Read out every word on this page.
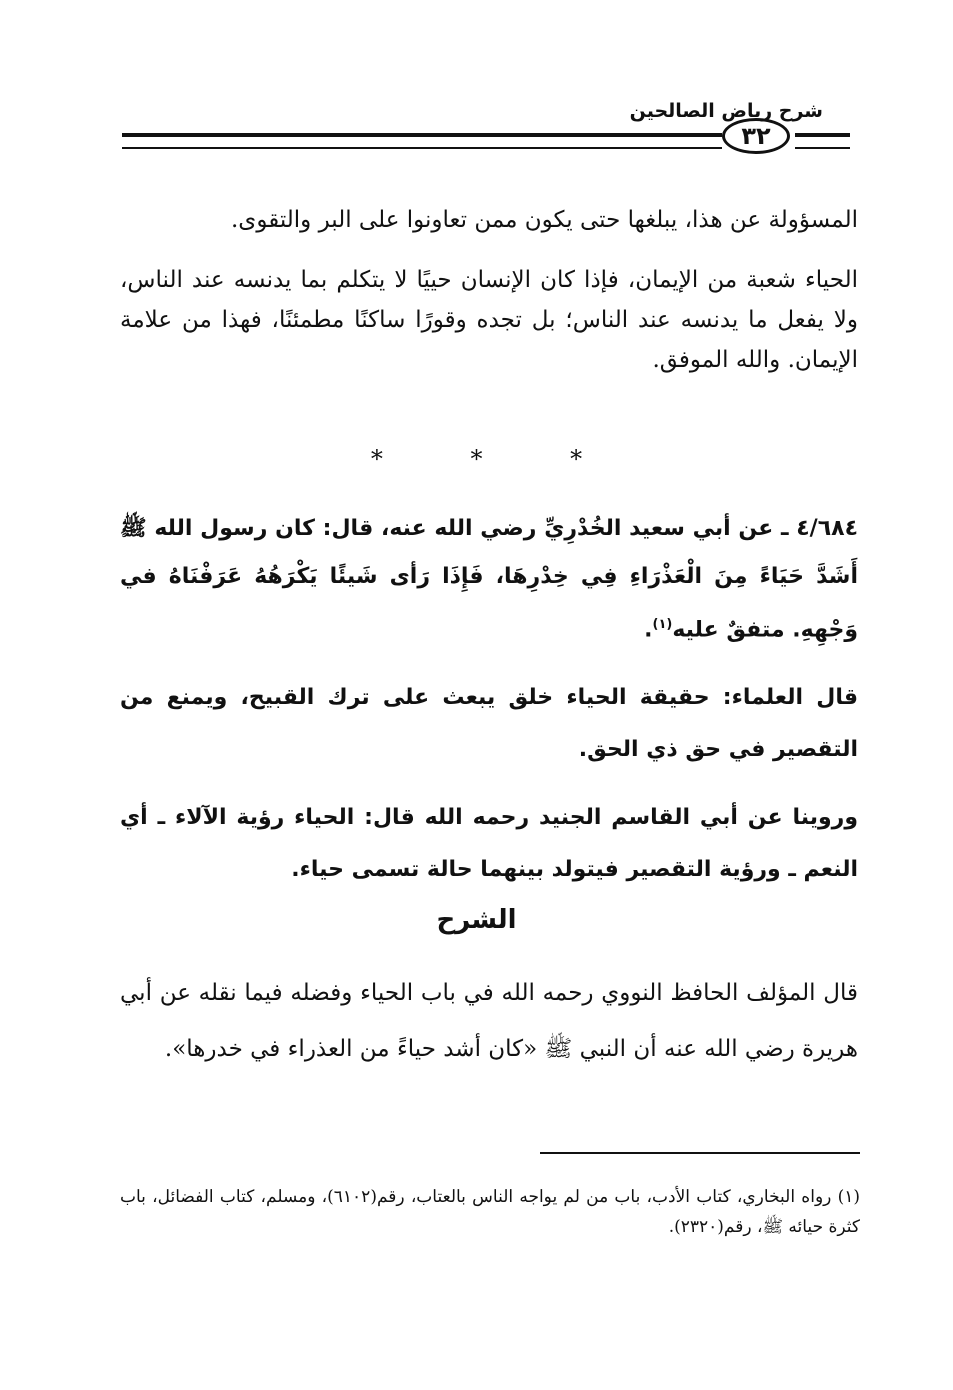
شرح رياض الصالحين
٣٢
المسؤولة عن هذا، يبلغها حتى يكون ممن تعاونوا على البر والتقوى.
الحياء شعبة من الإيمان، فإذا كان الإنسان حييًا لا يتكلم بما يدنسه عند الناس، ولا يفعل ما يدنسه عند الناس؛ بل تجده وقورًا ساكنًا مطمئنًا، فهذا من علامة الإيمان. والله الموفق.
*	*	*
٤/٦٨٤ ـ عن أبي سعيد الخُدْرِيِّ رضي الله عنه، قال: كان رسول الله ﷺ أَشَدَّ حَيَاءً مِنَ الْعَذْرَاءِ فِي خِدْرِهَا، فَإِذَا رَأى شَيئًا يَكْرَهُهُ عَرَفْنَاهُ في وَجْهِهِ. متفقٌ عليه$^{(١)}$.
قال العلماء: حقيقة الحياء خلق يبعث على ترك القبيح، ويمنع من التقصير في حق ذي الحق.
وروينا عن أبي القاسم الجنيد رحمه الله قال: الحياء رؤية الآلاء ـ أي النعم ـ ورؤية التقصير فيتولد بينهما حالة تسمى حياء.
الشرح
قال المؤلف الحافظ النووي رحمه الله في باب الحياء وفضله فيما نقله عن أبي هريرة رضي الله عنه أن النبي ﷺ «كان أشد حياءً من العذراء في خدرها».
(١) رواه البخاري، كتاب الأدب، باب من لم يواجه الناس بالعتاب، رقم(٦١٠٢)، ومسلم، كتاب الفضائل، باب كثرة حيائه ﷺ، رقم(٢٣٢٠).
